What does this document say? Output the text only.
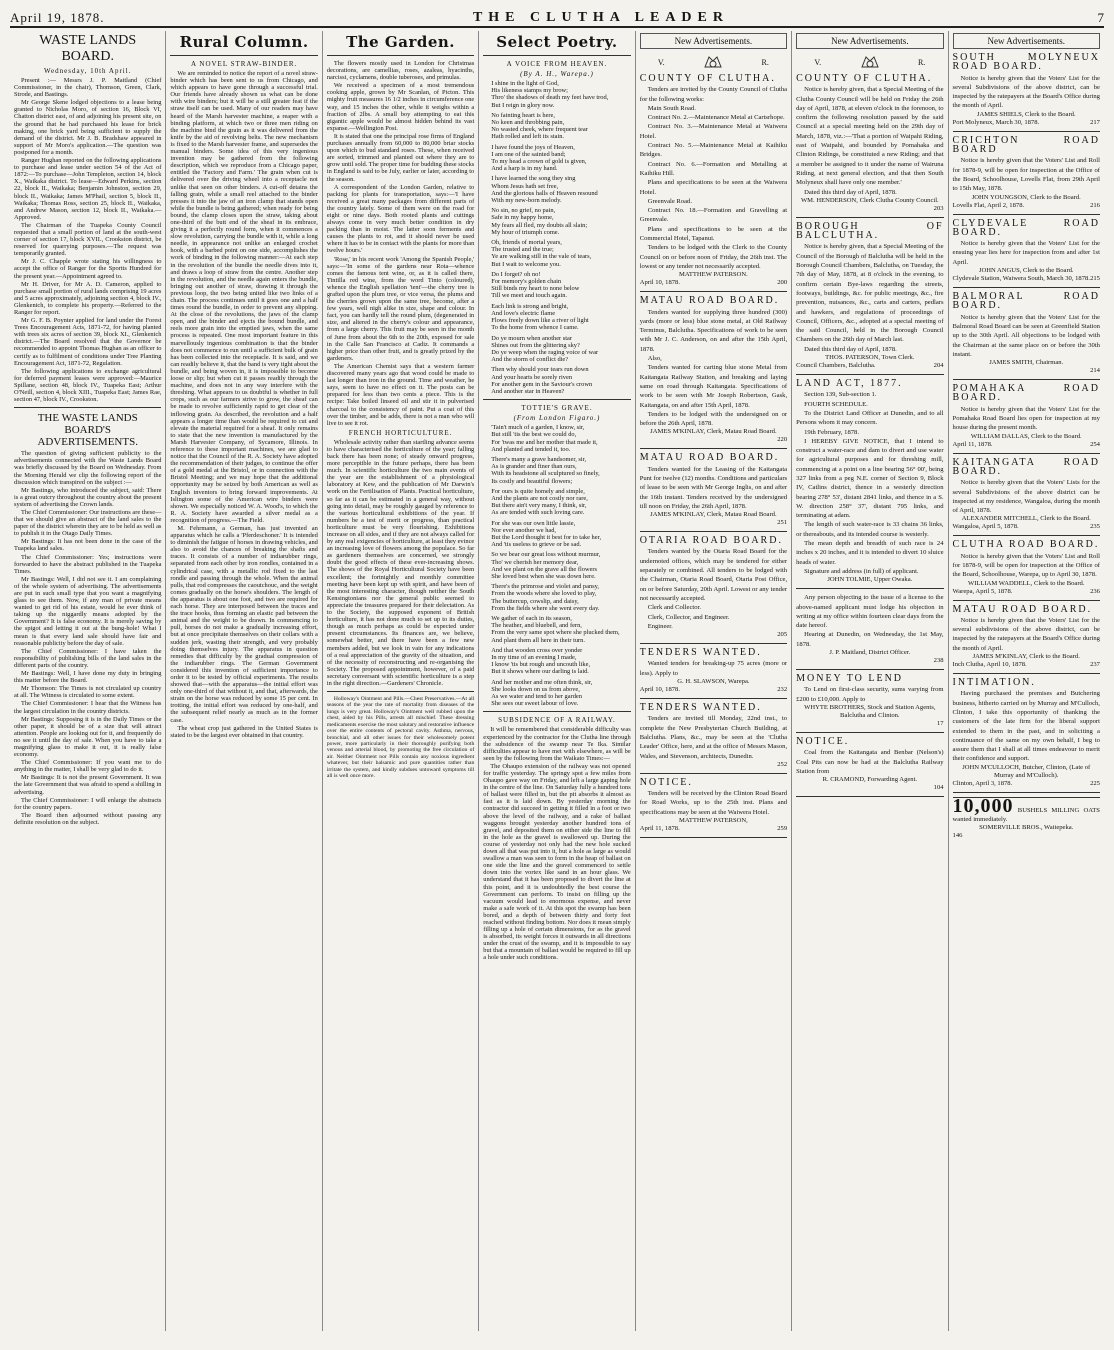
April 19, 1878.	THE CLUTHA LEADER	7
WASTE LANDS BOARD.
Wednesday, 10th April.

Present :— Messrs J. P. Maitland (Chief Commissioner, in the chair), Thomson, Green, Clark, Strode, and Bastings.

Mr George Skene lodged objections to a lease being granted to Nicholas Moro, of section 16, Block VI, Chatton district east, of and adjoining his present site, on the ground that he had purchased his lease for brick making, one brick yard being sufficient to supply the demand of the district. Mr J. B. Bradshaw appeared in support of Mr Moro's application.—The question was postponed for a month.

Ranger Hughan reported on the following applications to purchase and lease under section 54 of the Act of 1872:—To purchase—John Templeton, section 14, block X., Waikaka district. To lease—Edward Perkins, section 22, block II., Waikaka; Benjamin Johnston, section 29, block II., Waikaka; James M'Phail, section 5, block II., Waikaka; Thomas Ross, section 25, block II., Waikaka, and Andrew Mason, section 12, block II., Waikaka.—Approved.

The Chairman of the Tuapeka County Council requested that a small portion of land at the south-west corner of section 17, block XVII., Crookston district, be reserved for quarrying purposes.—The request was temporarily granted.

Mr J. C. Chapple wrote stating his willingness to accept the office of Ranger for the Sportts Hundred for the present year.—Appointment agreed to.

Mr H. Driver, for Mr A. D. Cameron, applied to purchase small portion of rural lands comprising 19 acres and 5 acres approximately, adjoining section 4, block IV., Glenkenich, to complete his property.—Referred to the Ranger for report.

Mr G. F. B. Poynter applied for land under the Forest Trees Encouragement Acts, 1871-72, for having planted with trees six acres of section 39, block XI., Glenkenich district.—The Board resolved that the Governor be recommended to appoint Thomas Hughan as an officer to certify as to fulfilment of conditions under Tree Planting Encouragement Act, 1871-72, Regulation.

The following applications to exchange agricultural for deferred payment leases were approved:—Maurice Spillane, section 48, block IV., Tuapeka East; Arthur O'Neill, section 4, block XIII., Tuapeka East; James Rae, section 47, block IV., Crookston.

THE WASTE LANDS BOARD'S ADVERTISEMENTS.

The question of giving sufficient publicity to the advertisements connected with the Waste Lands Board was briefly discussed by the Board on Wednesday. From the Morning Herald we clip the following report of the discussion which transpired on the subject :—

Mr Bastings, who introduced the subject, said: There is a great outcry throughout the country about the present system of advertising the Crown lands.

The Chief Commissioner: Our instructions are these—that we should give an abstract of the land sales to the paper of the district wherein they are to be held as well as to publish it in the Otago Daily Times.

Mr Bastings: It has not been done in the case of the Tuapeka land sales.

The Chief Commissioner: Yes; instructions were forwarded to have the abstract published in the Tuapeka Times.

Mr Bastings: Well, I did not see it. I am complaining of the whole system of advertising. The advertisements are put in such small type that you want a magnifying glass to see them. Now, if any man of private means wanted to get rid of his estate, would he ever think of taking up the niggardly means adopted by the Government? It is false economy. It is merely saving by the spigot and letting it out at the bung-hole! What I mean is that every land sale should have fair and reasonable publicity before the day of sale.

The Chief Commissioner: I have taken the responsibility of publishing bills of the land sales in the different parts of the country.

Mr Bastings: Well, I have done my duty in bringing this matter before the Board.

Mr Thomson: The Times is not circulated up country at all. The Witness is circulated to some extent.

The Chief Commissioner: I hear that the Witness has the largest circulation in the country districts.

Mr Bastings: Supposing it is in the Daily Times or the other paper, it should be of a size that will attract attention. People are looking out for it, and frequently do no see it until the day of sale. When you have to take a magnifying glass to make it out, it is really false economy.

The Chief Commissioner: If you want me to do anything in the matter, I shall be very glad to do it.

Mr Bastings: It is not the present Government. It was the late Government that was afraid to spend a shilling in advertising.

The Chief Commissioner: I will enlarge the abstracts for the country papers.

The Board then adjourned without passing any definite resolution on the subject.

Rural Column.
A NOVEL STRAW-BINDER.

We are reminded to notice the report of a novel straw-binder which has been sent to us from Chicago, and which appears to have gone through a successful trial. Our friends have already shown us what can be done with wire binders; but it will be a still greater feat if the straw itself can be used. Many of our readers may have heard of the Marsh harvester machine, a reaper with a binding platform, at which two or three men riding on the machine bind the grain as it was delivered from the knife by the aid of revolving belts. The new mechanism is fixed to the Marsh harvester frame, and supersedes the manual binders. Some idea of this very ingenious invention may be gathered from the following description, which we reproduce from a Chicago paper, entitled the 'Factory and Farm.' The grain when cut is delivered over the driving wheel into a receptacle not unlike that seen on other binders. A cut-off detains the falling grain, while a small reel attached to the binder presses it into the jaw of an iron clamp that stands open while the bundle is being gathered; when ready for being bound, the clamp closes upon the straw, taking about one-third of the butt end of the sheaf in its embrace, giving it a perfectly round form, when it commences a slow revolution, carrying the bundle with it, while a long needle, in appearance not unlike an enlarged crochet hook, with a barbed point on one side, accomplishes the work of binding in the following manner:—At each step in the revolution of the bundle the needle dives into it, and draws a loop of straw from the centre. Another step in the revolution, and the needle again enters the bundle, bringing out another of straw, drawing it through the previous loop, the two being united like two links of a chain. The process continues until it goes one and a half times round the bundle, in order to prevent any slipping. At the close of the revolutions, the jaws of the clamp open, and the binder and ejects the bound bundle, and reels more grain into the emptied jaws, when the same process is repeated. One most important feature in this marvellously ingenious combination is that the binder does not commence to run until a sufficient bulk of grain has been collected into the receptacle. It is said, and we can readily believe it, that the band is very tight about the bundle, and being woven in, it is impossible to become loose or slip; but when cut it passes readily through the machine, and does not in any way interfere with the threshing. What appears to us doubtful is whether in full crops, such as our farmers strive to grow, the sheaf can be made to revolve sufficiently rapid to get clear of the inflowing grain. As described, the revolution and a half appears a longer time than would be required to cut and elevate the material required for a sheaf. It only remains to state that the new invention is manufactured by the Marsh Harvester Company, of Sycamore, Illinois. In reference to these important machines, we are glad to notice that the Council of the R. A. Society have adopted the recommendation of their judges, to continue the offer of a gold medal at the Bristol, or in connection with the Bristol Meeting; and we may hope that the additional opportunity may be seized by both American as well as English inventors to bring forward improvements. At Islington some of the American wire binders were shown. We especially noticed W. A. Wood's, to which the R. A. Society have awarded a silver medal as a recognition of progress.—The Field.

M. Fehrmann, a German, has just invented an apparatus which he calls a 'Pferdeschoner.' It is intended to diminish the fatigue of horses in drawing vehicles, and also to avoid the chances of breaking the shafts and traces. It consists of a number of indiarubber rings, separated from each other by iron rondles, contained in a cylindrical case, with a metallic rod fixed to the last rondle and passing through the whole. When the animal pulls, that rod compresses the caoutchouc, and the weight comes gradually on the horse's shoulders. The length of the apparatus is about one foot, and two are required for each horse. They are interposed between the traces and the trace hooks, thus forming an elastic pad between the animal and the weight to be drawn. In commencing to pull, horses do not make a gradually increasing effort, but at once precipitate themselves on their collars with a sudden jerk, wasting their strength, and very probably doing themselves injury. The apparatus in question remedies that difficulty by the gradual compression of the indiarubber rings. The German Government considered this invention of sufficient importance to order it to be tested by official experiments. The results showed that—with the apparatus—the initial effort was only one-third of that without it, and that, afterwards, the strain on the horse was reduced by some 15 per cent. In trotting, the initial effort was reduced by one-half, and the subsequent relief nearly as much as in the former case.

The wheat crop just gathered in the United States is stated to be the largest ever obtained in that country.

The Garden.

The flowers mostly used in London for Christmas decorations, are camellias, roses, azaleas, hyacinths, narcissi, cyclamens, double tuberoses, and primulas.

We received a specimen of a most tremendous cooking apple, grown by Mr Scanlan, of Picton. This mighty fruit measures 16 1/2 inches in circumference one way, and 15 inches the other, while it weighs within a fraction of 2lbs. A small boy attempting to eat this gigantic apple would be almost hidden behind its vast expanse.—Wellington Post.

It is stated that one the principal rose firms of England purchases annually from 60,000 to 80,000 briar stocks upon which to bud standard roses. These, when received are sorted, trimmed and planted out where they are to grow until sold. The proper time for budding these stocks in England is said to be July, earlier or later, according to the season.

A correspondent of the London Garden, relative to packing for plants for transportation, says:—'I have received a great many packages from different parts of the country lately. Some of them were on the road for eight or nine days. Both rooted plants and cuttings always come in very much better condition in dry packing than in moist. The latter soon ferments and causes the plants to rot, and it should never be used where it has to be in contact with the plants for more than twelve hours.'

'Rose,' in his recent work 'Among the Spanish People,' says:—'In some of the gardens near Rota—whence comes the famous tent wine, or, as it is called there, Tintilla red wine, from the word Tinto (coloured), whence the English spellation 'tent'—the cherry tree is grafted upon the plum tree, or vice versa, the plums and the cherries grown upon the same tree, become, after a few years, well nigh alike in size, shape and colour. In fact, you can hardly tell the round plum, (degenerated in size, and altered in the cherry's colour and appearance, from a large cherry. This fruit may be seen in the month of June from about the 6th to the 20th, exposed for sale in the Calle San Francisco at Cadiz. It commands a higher price than other fruit, and is greatly prized by the gardeners.

The American Chemist says that a western farmer discovered many years ago that wood could be made to last longer than iron in the ground. Time and weather, he says, seem to have no effect on it. The posts can be prepared for less than two cents a piece. This is the recipe: Take boiled linseed oil and stir it in pulverised charcoal to the consistency of paint. Put a coat of this over the timber, and be adds, there is not a man who will live to see it rot.

FRENCH HORTICULTURE.

Wholesale activity rather than startling advance seems to have characterised the horticulture of the year; falling back there has been none; of steady onward progress, more perceptible in the future perhaps, there has been much. In scientific horticulture the two main events of the year are the establishment of a physiological laboratory at Kew, and the publication of Mr Darwin's work on the Fertilisation of Plants. Practical horticulture, so far as it can be estimated in a general way, without going into detail, may be roughly gauged by reference to the various horticultural exhibitions of the year. If numbers be a test of merit or progress, than practical horticulture must be very flourishing. Exhibitions increase on all sides, and if they are not always called for by any real exigencies of horticulture, at least they evince an increasing love of flowers among the populace. So far as gardeners themselves are concerned, we strongly doubt the good effects of these ever-increasing shows. The shows of the Royal Horticultural Society have been excellent; the fortnightly and monthly committee meeting have been kept up with spirit, and have been of the most interesting character, though neither the South Kensingtonians nor the general public seemed to appreciate the treasures prepared for their delectation. As to the Society, the supposed exponent of British horticulture, it has not done much to set up to its duties, though as much perhaps as could be expected under present circumstances. Its finances are, we believe, somewhat better, and there have been a few new members added, but we look in vain for any indications of a real appreciation of the gravity of the situation, and of the necessity of reconstructing and re-organising the Society. The proposed appointment, however, of a paid secretary conversant with scientific horticulture is a step in the right direction.—Gardeners' Chronicle.

Holloway's Ointment and Pills.—Chest Preservatives.—At all seasons of the year the rate of mortality from diseases of the lungs is very great. Holloway's Ointment well rubbed upon the chest, aided by his Pills, arrests all mischief. These dressing medicaments exercise the most salutary and restorative influence over the entire contents of pectoral cavity. Asthma, nervous, bronchial, and all other issues for their wholesomely potent power, more particularly in their thoroughly purifying both venous and arterial blood, by promoting the free circulation of air. Neither Ointment nor Pills contain any noxious ingredient whatever, but their balsamic and pure quantities rather than irritate the system, and kindly subdues untoward symptoms till all is well once more.

Select Poetry.
A VOICE FROM HEAVEN.
(By A. H., Warepa.)
I shine in the light of God,
His likeness stamps my brow;
Thro' the shadows of death my feet have trod,
But I reign in glory now.
No fainting heart is here,
No keen and throbbing pain,
No wasted cheek, where frequent tear
Hath rolled and left its stain.
I have found the joys of Heaven,
I am one of the sainted band;
To my head a crown of gold is given,
And a harp is in my hand.
I have learned the song they sing
Whom Jesus hath set free,
And the glorious halls of Heaven resound
With my new-born melody.
No sin, no grief, no pain,
Safe in my happy home,
My fears all fled, my doubts all slain;
My hour of triumph come.
Oh, friends of mortal years,
The trusted and the true;
Ye are walking still in the vale of tears,
But I wait to welcome you.
Do I forget? oh no!
For memory's golden chain
Still binds my heart to none below
Till we meet and touch again.
Each link is strong and bright,
And love's electric flame
Flows freely down like a river of light
To the home from whence I came.
Do ye mourn when another star
Shines out from the glittering sky?
Do ye weep when the raging voice of war
And the storm of conflict die?
Then why should your tears run down
And your hearts be sorely riven
For another gem in the Saviour's crown
And another star in Heaven?
TOTTIE'S GRAVE.
(From London Figaro.)
'Tain't much of a garden, I know, sir,
But still 'tis the best we could do,
For 'twas me and her mother that made it,
And planted and tended it, too.
There's many a grave handsomer, sir,
As is grander and finer than ours,
With its headstone all sculptured so finely,
Its costly and beautiful flowers;
For ours is quite homely and simple,
And the plants are not costly nor rare,
But there ain't very many, I think, sir,
As are tended with such loving care.
For she was our own little lassie,
Nor ever another we had,
But the Lord thought it best for to take her,
And 'tis useless to grieve or be sad.
So we bear our great loss without murmur,
Tho' we cherish her memory dear,
And we plant on the grave all the flowers
She loved best when she was down here.
There's the primrose and violet and pansy,
From the woods where she loved to play,
The buttercup, cowslip, and daisy,
From the fields where she went every day.
We gather of each in its season,
The heather, and bluebell, and fern,
From the very same spot where she plucked them,
And plant them all here in their turn.
And that wooden cross over yonder
In my time of an evening I made,
I know 'tis but rough and uncouth like,
But it shows where our darling is laid.
And her mother and me often think, sir,
She looks down on us from above,
As we water and tend to her garden
She sees our sweet labour of love.
SUBSIDENCE OF A RAILWAY.

It will be remembered that considerable difficulty was experienced by the contractor for the Clutha line through the subsidence of the swamp near Te Ika. Similar difficulties appear to have met with elsewhere, as will be seen by the following from the Waikato Times:—

The Ohaupo extension of the railway was not opened for traffic yesterday. The springy spot a few miles from Ohaupo gave way on Friday, and left a large gaping hole in the centre of the line. On Saturday fully a hundred tons of ballast were filled in, but the pit absorbs it almost as fast as it is laid down. By yesterday morning the contractor did succeed in getting it filled in a foot or two above the level of the railway, and a rake of ballast waggons brought yesterday another hundred tons of gravel, and deposited them on either side the line to fill in the hole as the gravel is swallowed up. During the course of yesterday not only had the new hole sucked down all that was put into it, but a hole as large as would swallow a man was seen to form in the heap of ballast on one side the line and the gravel commenced to settle down into the vortex like sand in an hour glass. We understand that it has been proposed to divert the line at this point, and it is undoubtedly the best course the Government can perform. To insist on filling up the vacuum would lead to enormous expense, and never make a safe work of it. At this spot the swamp has been bored, and a depth of between thirty and forty feet reached without finding bottom. Nor does it mean simply filling up a hole of certain dimensions, for as the gravel is absorbed, its weight forces it outwards in all directions under the crust of the swamp, and it is impossible to say but that a mountain of ballast would be required to fill up a hole under such conditions.

New Advertisements.
V.	R.
COUNTY OF CLUTHA.
Tenders are invited by the County Council of Clutha for the following works:
Main South Road.
Contract No. 2.—Maintenance Metal at Cartsrhope.
Contract No. 3.—Maintenance Metal at Waiwera Hotel.
Contract No. 5.—Maintenance Metal at Kaihiku Bridges.
Contract No. 6.—Formation and Metalling at Kaihiku Hill.
Plans and specifications to be seen at the Waiwera Hotel.
Greenvale Road.
Contract No. 18.—Formation and Gravelling at Greenvale.
Plans and specifications to be seen at the Commercial Hotel, Tapanui.
Tenders to be lodged with the Clerk to the County Council on or before noon of Friday, the 26th inst. The lowest or any tender not necessarily accepted.
MATTHEW PATERSON.
April 10, 1878.	200
MATAU ROAD BOARD.
Tenders wanted for supplying three hundred (300) yards (more or less) blue stone metal, at Old Railway Terminus, Balclutha. Specifications of work to be seen with Mr J. C. Anderson, on and after the 15th April, 1878.
Also,
Tenders wanted for carting blue stone Metal from Kaitangata Railway Station, and breaking and laying same on road through Kaitangata. Specifications of work to be seen with Mr Joseph Robertson, Gask, Kaitangata, on and after 15th April, 1878.
Tenders to be lodged with the undersigned on or before the 26th April, 1878.
JAMES M'KINLAY, Clerk, Matau Road Board.
220
MATAU ROAD BOARD.
Tenders wanted for the Leasing of the Kaitangata Punt for twelve (12) months. Conditions and particulars of lease to be seen with Mr George Inglis, on and after the 16th instant. Tenders received by the undersigned till noon on Friday, the 26th April, 1878.
JAMES M'KINLAY, Clerk, Matau Road Board.
251
OTARIA ROAD BOARD.
Tenders wanted by the Otaria Road Board for the undernoted offices, which may be tendered for either separately or combined. All tenders to be lodged with the Chairman, Otaria Road Board, Otaria Post Office, on or before Saturday, 20th April. Lowest or any tender not necessarily accepted.
Clerk and Collector.
Clerk, Collector, and Engineer.
Engineer.
205
TENDERS WANTED.
Wanted tenders for breaking-up 75 acres (more or less). Apply to
G. H. SLAWSON, Warepa.
April 10, 1878.	232
TENDERS WANTED.
Tenders are invited till Monday, 22nd inst., to complete the New Presbyterian Church Building, at Balclutha. Plans, &c., may be seen at the 'Clutha Leader' Office, here, and at the office of Messrs Mason, Wales, and Stevenson, architects, Dunedin.
252
NOTICE.
Tenders will be received by the Clinton Road Board for Road Works, up to the 25th inst. Plans and specifications may be seen at the Waiwera Hotel.
MATTHEW PATERSON,
April 11, 1878.	259
New Advertisements.
V.	R.
COUNTY OF CLUTHA.
Notice is hereby given, that a Special Meeting of the Clutha County Council will be held on Friday the 26th day of April, 1878, at eleven o'clock in the forenoon, to confirm the following resolution passed by the said Council at a special meeting held on the 29th day of March, 1878, viz.:—'That a portion of Waipahi Riding, east of Waipahi, and bounded by Pomahaka and Clinton Ridings, be constituted a new Riding; and that a member be assigned to it under the name of Wairuna Riding, at next general election, and that then South Molyneux shall have only one member.'
Dated this third day of April, 1878.
WM. HENDERSON, Clerk Clutha County Council.
203
BOROUGH OF BALCLUTHA.
Notice is hereby given, that a Special Meeting of the Council of the Borough of Balclutha will be held in the Borough Council Chambers, Balclutha, on Tuesday, the 7th day of May, 1878, at 8 o'clock in the evening, to confirm certain Bye-laws regarding the streets, footways, buildings, &c. for public meetings, &c., fire prevention, nuisances, &c., carts and carters, pedlars and hawkers, and regulations of proceedings of Council, Officers, &c., adopted at a special meeting of the said Council, held in the Borough Council Chambers on the 26th day of March last.
Dated this third day of April, 1878.
THOS. PATERSON, Town Clerk.
Council Chambers, Balclutha.	204
LAND ACT, 1877.
Section 139, Sub-section 1.
FOURTH SCHEDULE.
To the District Land Officer at Dunedin, and to all Persons whom it may concern.
19th February, 1878.
I HEREBY GIVE NOTICE, that I intend to construct a water-race and dam to divert and use water for agricultural purposes and for threshing mill, commencing at a point on a line bearing 56° 00', being 327 links from a peg N.E. corner of Section 9, Block IV, Catlins district, thence in a westerly direction bearing 278° 53', distant 2841 links, and thence in a S. W. direction 258° 37', distant 795 links, and terminating at adam.
The length of such water-race is 33 chains 36 links, or thereabouts, and its intended course is westerly.
The mean depth and breadth of such race is 24 inches x 20 inches, and it is intended to divert 10 sluice heads of water.
Signature and address (in full) of applicant.
JOHN TOLMIE, Upper Owaka.
Any person objecting to the issue of a license to the above-named applicant must lodge his objection in writing at my office within fourteen clear days from the date hereof.
Hearing at Dunedin, on Wednesday, the 1st May, 1878.
J. P. Maitland, District Officer.
238
MONEY TO LEND
To Lend on first-class security, sums varying from £200 to £10,000. Apply to
WHYTE BROTHERS, Stock and Station Agents, Balclutha and Clinton.
17
NOTICE.
Coal from the Kaitangata and Benbar (Nelson's) Coal Pits can now be had at the Balclutha Railway Station from
R. CRAMOND, Forwarding Agent.
104
New Advertisements.
SOUTH MOLYNEUX ROAD BOARD.
Notice is hereby given that the Voters' List for the several Subdivisions of the above district, can be inspected by the ratepayers at the Board's Office during the month of April.
JAMES SHIELS, Clerk to the Board.
Port Molyneux, March 30, 1878.	217
CRICHTON ROAD BOARD
Notice is hereby given that the Voters' List and Roll for 1878-9, will be open for inspection at the Office of the Board, Schoolhouse, Lovells Flat, from 29th April to 15th May, 1878.
JOHN YOUNGSON, Clerk to the Board.
Lovells Flat, April 2, 1878.	216
CLYDEVALE ROAD BOARD.
Notice is hereby given that the Voters' List for the ensuing year lies here for inspection from and after 1st April.
JOHN ANGUS, Clerk to the Board.
Clydevale Station, Waiwera South, March 30, 1878. 215
BALMORAL ROAD BOARD.
Notice is hereby given that the Voters' List for the Balmoral Road Board can be seen at Greenfield Station up to the 30th April. All objections to be lodged with the Chairman at the same place on or before the 30th instant.
JAMES SMITH, Chairman.
214
POMAHAKA ROAD BOARD.
Notice is hereby given that the Voters' List for the Pomahaka Road Board lies open for inspection at my house during the present month.
WILLIAM DALLAS, Clerk to the Board.
April 11, 1878.	254
KAITANGATA ROAD BOARD.
Notice is hereby given that the Voters' Lists for the several Subdivisions of the above district can be inspected at my residence, Wangaloa, during the month of April, 1878.
ALEXANDER MITCHELL, Clerk to the Board.
Wangaloa, April 5, 1878.	235
CLUTHA ROAD BOARD.
Notice is hereby given that the Voters' List and Roll for 1878-9, will be open for inspection at the Office of the Board, Schoolhouse, Warepa, up to April 30, 1878.
WILLIAM WADDELL, Clerk to the Board.
Warepa, April 5, 1878.	236
MATAU ROAD BOARD.
Notice is hereby given that the Voters' List for the several subdivisions of the above district, can be inspected by the ratepayers at the Board's Office during the month of April.
JAMES M'KINLAY, Clerk to the Board.
Inch Clutha, April 10, 1878.	237
INTIMATION.
Having purchased the premises and Butchering business, hitherto carried on by Murray and M'Culloch, Clinton, I take this opportunity of thanking the customers of the late firm for the liberal support extended to them in the past, and in soliciting a continuance of the same on my own behalf, I beg to assure them that I shall at all times endeavour to merit their confidence and support.
JOHN M'CULLOCH, Butcher, Clinton, (Late of Murray and M'Culloch).
Clinton, April 3, 1878.	225
10,000 BUSHELS MILLING OATS wanted immediately.
SOMERVILLE BROS., Waitepeka.
146
